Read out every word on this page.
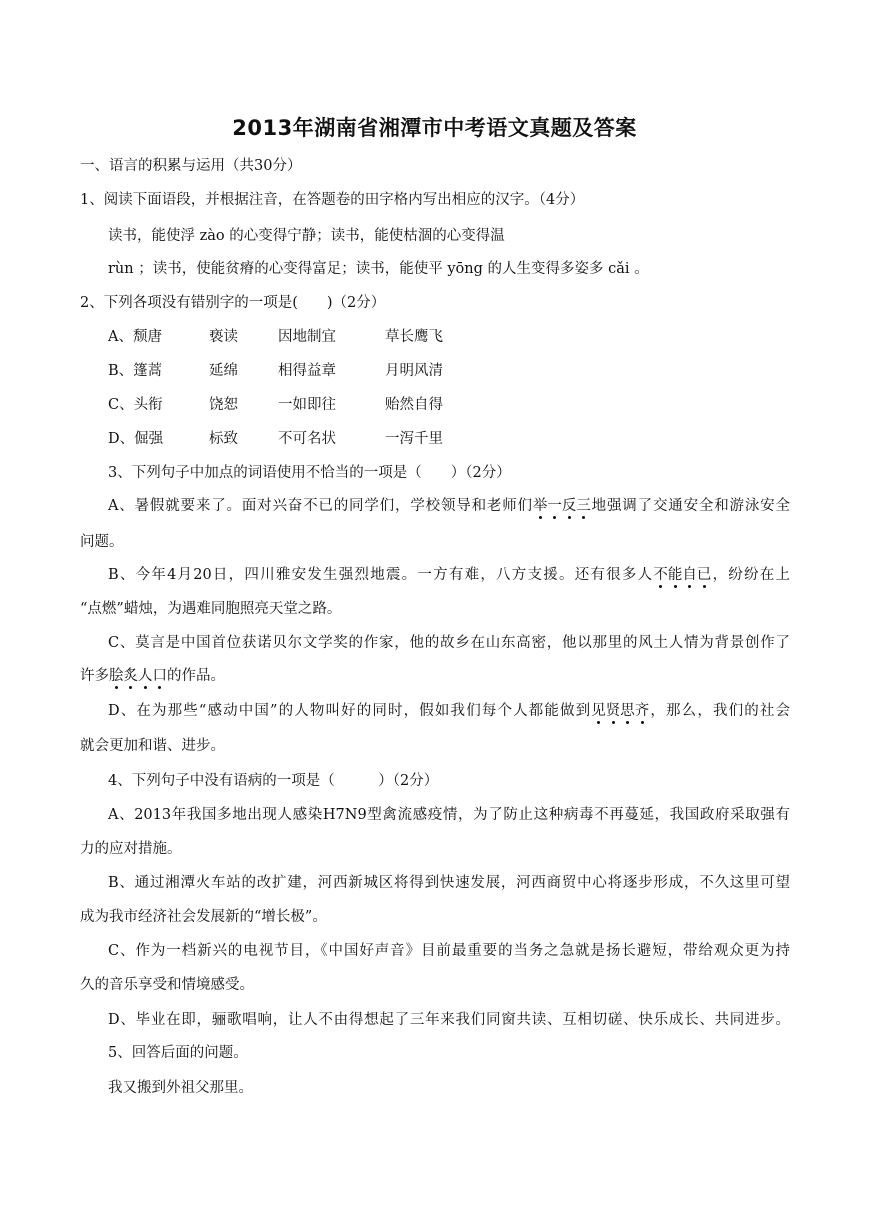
2013年湖南省湘潭市中考语文真题及答案
一、语言的积累与运用（共30分）
1、阅读下面语段，并根据注音，在答题卷的田字格内写出相应的汉字。（4分）
读书，能使浮 zào 的心变得宁静；读书，能使枯涸的心变得温
rùn ；读书，使能贫瘠的心变得富足；读书，能使平 yōng 的人生变得多姿多 cǎi 。
2、下列各项没有错别字的一项是(　　)（2分）
A、颓唐	亵读	因地制宜	草长鹰飞
B、篷蒿	延绵	相得益章	月明风清
C、头衔	饶恕	一如即往	贻然自得
D、倔强	标致	不可名状	一泻千里
3、下列句子中加点的词语使用不恰当的一项是（　　）（2分）
A、暑假就要来了。面对兴奋不已的同学们，学校领导和老师们举一反三
地强调了交通安全和游泳安全
问题。
B、今年4月20日，四川雅安发生强烈地震。一方有难，八方支援。还有很多人不能自已
，纷纷在上
“点燃”蜡烛，为遇难同胞照亮天堂之路。
C、莫言是中国首位获诺贝尔文学奖的作家，他的故乡在山东高密，他以那里的风土人情为背景创作了
许多脍炙人口
的作品。
D、在为那些“感动中国”的人物叫好的同时，假如我们每个人都能做到见贤思齐
，那么，我们的社会
就会更加和谐、进步。
4、下列句子中没有语病的一项是（　　　）（2分）
A、2013年我国多地出现人感染H7N9型禽流感疫情，为了防止这种病毒不再蔓延，我国政府采取强有
力的应对措施。
B、通过湘潭火车站的改扩建，河西新城区将得到快速发展，河西商贸中心将逐步形成，不久这里可望
成为我市经济社会发展新的“增长极”。
C、作为一档新兴的电视节目，《中国好声音》目前最重要的当务之急就是扬长避短，带给观众更为持
久的音乐享受和情境感受。
D、毕业在即，骊歌唱响，让人不由得想起了三年来我们同窗共读、互相切磋、快乐成长、共同进步。
5、回答后面的问题。
我又搬到外祖父那里。
